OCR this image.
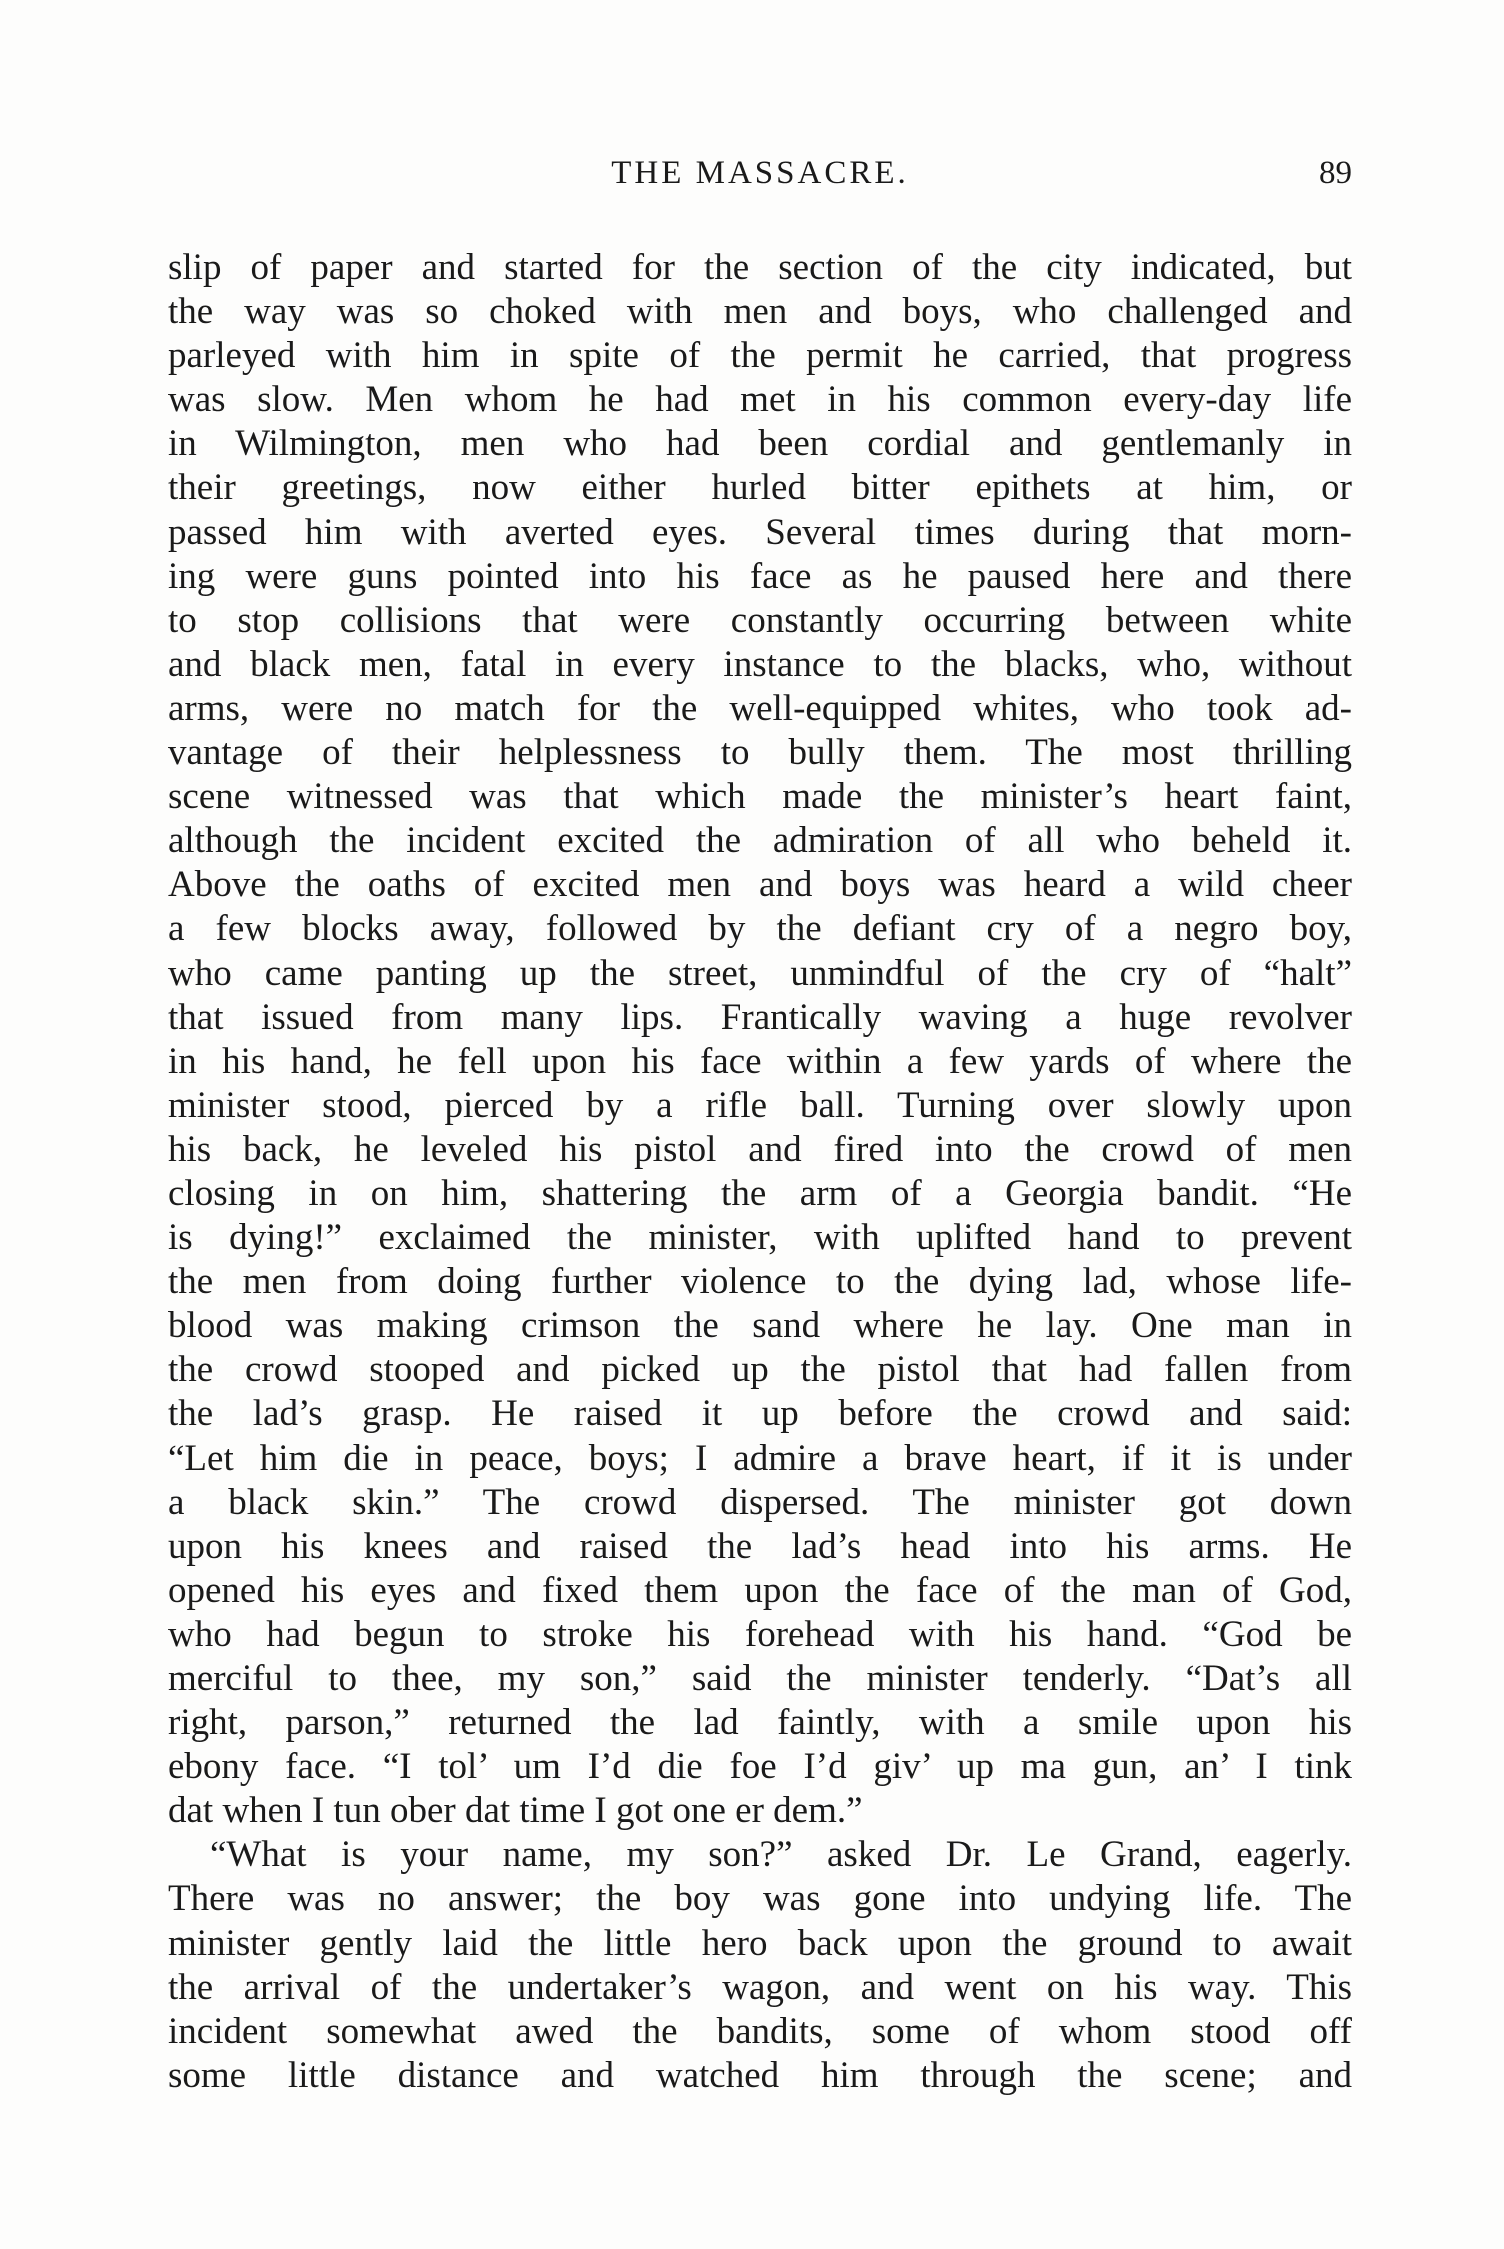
THE MASSACRE.	89
slip of paper and started for the section of the city indicated, but
the way was so choked with men and boys, who challenged and
parleyed with him in spite of the permit he carried, that progress
was slow. Men whom he had met in his common every-day life
in Wilmington, men who had been cordial and gentlemanly in
their greetings, now either hurled bitter epithets at him, or
passed him with averted eyes. Several times during that morn-
ing were guns pointed into his face as he paused here and there
to stop collisions that were constantly occurring between white
and black men, fatal in every instance to the blacks, who, without
arms, were no match for the well-equipped whites, who took ad-
vantage of their helplessness to bully them. The most thrilling
scene witnessed was that which made the minister’s heart faint,
although the incident excited the admiration of all who beheld it.
Above the oaths of excited men and boys was heard a wild cheer
a few blocks away, followed by the defiant cry of a negro boy,
who came panting up the street, unmindful of the cry of “halt”
that issued from many lips. Frantically waving a huge revolver
in his hand, he fell upon his face within a few yards of where the
minister stood, pierced by a rifle ball. Turning over slowly upon
his back, he leveled his pistol and fired into the crowd of men
closing in on him, shattering the arm of a Georgia bandit. “He
is dying!” exclaimed the minister, with uplifted hand to prevent
the men from doing further violence to the dying lad, whose life-
blood was making crimson the sand where he lay. One man in
the crowd stooped and picked up the pistol that had fallen from
the lad’s grasp. He raised it up before the crowd and said:
“Let him die in peace, boys; I admire a brave heart, if it is under
a black skin.” The crowd dispersed. The minister got down
upon his knees and raised the lad’s head into his arms. He
opened his eyes and fixed them upon the face of the man of God,
who had begun to stroke his forehead with his hand. “God be
merciful to thee, my son,” said the minister tenderly. “Dat’s all
right, parson,” returned the lad faintly, with a smile upon his
ebony face. “I tol’ um I’d die foe I’d giv’ up ma gun, an’ I tink
dat when I tun ober dat time I got one er dem.”
“What is your name, my son?” asked Dr. Le Grand, eagerly.
There was no answer; the boy was gone into undying life. The
minister gently laid the little hero back upon the ground to await
the arrival of the undertaker’s wagon, and went on his way. This
incident somewhat awed the bandits, some of whom stood off
some little distance and watched him through the scene; and
